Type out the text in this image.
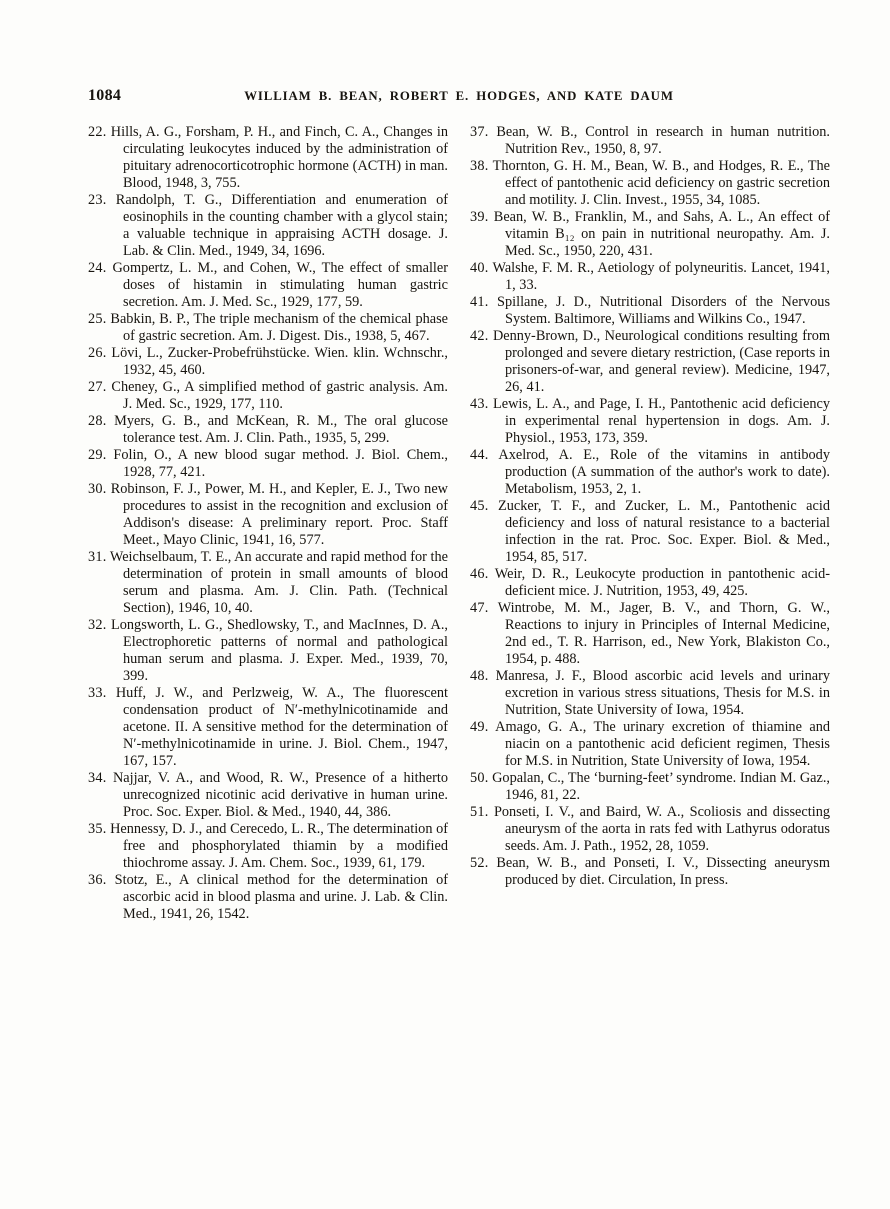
1084	WILLIAM B. BEAN, ROBERT E. HODGES, AND KATE DAUM
22. Hills, A. G., Forsham, P. H., and Finch, C. A., Changes in circulating leukocytes induced by the administration of pituitary adrenocorticotrophic hormone (ACTH) in man. Blood, 1948, 3, 755.
23. Randolph, T. G., Differentiation and enumeration of eosinophils in the counting chamber with a glycol stain; a valuable technique in appraising ACTH dosage. J. Lab. & Clin. Med., 1949, 34, 1696.
24. Gompertz, L. M., and Cohen, W., The effect of smaller doses of histamin in stimulating human gastric secretion. Am. J. Med. Sc., 1929, 177, 59.
25. Babkin, B. P., The triple mechanism of the chemical phase of gastric secretion. Am. J. Digest. Dis., 1938, 5, 467.
26. Lövi, L., Zucker-Probefrühstücke. Wien. klin. Wchnschr., 1932, 45, 460.
27. Cheney, G., A simplified method of gastric analysis. Am. J. Med. Sc., 1929, 177, 110.
28. Myers, G. B., and McKean, R. M., The oral glucose tolerance test. Am. J. Clin. Path., 1935, 5, 299.
29. Folin, O., A new blood sugar method. J. Biol. Chem., 1928, 77, 421.
30. Robinson, F. J., Power, M. H., and Kepler, E. J., Two new procedures to assist in the recognition and exclusion of Addison's disease: A preliminary report. Proc. Staff Meet., Mayo Clinic, 1941, 16, 577.
31. Weichselbaum, T. E., An accurate and rapid method for the determination of protein in small amounts of blood serum and plasma. Am. J. Clin. Path. (Technical Section), 1946, 10, 40.
32. Longsworth, L. G., Shedlowsky, T., and MacInnes, D. A., Electrophoretic patterns of normal and pathological human serum and plasma. J. Exper. Med., 1939, 70, 399.
33. Huff, J. W., and Perlzweig, W. A., The fluorescent condensation product of N′-methylnicotinamide and acetone. II. A sensitive method for the determination of N′-methylnicotinamide in urine. J. Biol. Chem., 1947, 167, 157.
34. Najjar, V. A., and Wood, R. W., Presence of a hitherto unrecognized nicotinic acid derivative in human urine. Proc. Soc. Exper. Biol. & Med., 1940, 44, 386.
35. Hennessy, D. J., and Cerecedo, L. R., The determination of free and phosphorylated thiamin by a modified thiochrome assay. J. Am. Chem. Soc., 1939, 61, 179.
36. Stotz, E., A clinical method for the determination of ascorbic acid in blood plasma and urine. J. Lab. & Clin. Med., 1941, 26, 1542.
37. Bean, W. B., Control in research in human nutrition. Nutrition Rev., 1950, 8, 97.
38. Thornton, G. H. M., Bean, W. B., and Hodges, R. E., The effect of pantothenic acid deficiency on gastric secretion and motility. J. Clin. Invest., 1955, 34, 1085.
39. Bean, W. B., Franklin, M., and Sahs, A. L., An effect of vitamin B₁₂ on pain in nutritional neuropathy. Am. J. Med. Sc., 1950, 220, 431.
40. Walshe, F. M. R., Aetiology of polyneuritis. Lancet, 1941, 1, 33.
41. Spillane, J. D., Nutritional Disorders of the Nervous System. Baltimore, Williams and Wilkins Co., 1947.
42. Denny-Brown, D., Neurological conditions resulting from prolonged and severe dietary restriction, (Case reports in prisoners-of-war, and general review). Medicine, 1947, 26, 41.
43. Lewis, L. A., and Page, I. H., Pantothenic acid deficiency in experimental renal hypertension in dogs. Am. J. Physiol., 1953, 173, 359.
44. Axelrod, A. E., Role of the vitamins in antibody production (A summation of the author's work to date). Metabolism, 1953, 2, 1.
45. Zucker, T. F., and Zucker, L. M., Pantothenic acid deficiency and loss of natural resistance to a bacterial infection in the rat. Proc. Soc. Exper. Biol. & Med., 1954, 85, 517.
46. Weir, D. R., Leukocyte production in pantothenic acid-deficient mice. J. Nutrition, 1953, 49, 425.
47. Wintrobe, M. M., Jager, B. V., and Thorn, G. W., Reactions to injury in Principles of Internal Medicine, 2nd ed., T. R. Harrison, ed., New York, Blakiston Co., 1954, p. 488.
48. Manresa, J. F., Blood ascorbic acid levels and urinary excretion in various stress situations, Thesis for M.S. in Nutrition, State University of Iowa, 1954.
49. Amago, G. A., The urinary excretion of thiamine and niacin on a pantothenic acid deficient regimen, Thesis for M.S. in Nutrition, State University of Iowa, 1954.
50. Gopalan, C., The ‘burning-feet’ syndrome. Indian M. Gaz., 1946, 81, 22.
51. Ponseti, I. V., and Baird, W. A., Scoliosis and dissecting aneurysm of the aorta in rats fed with Lathyrus odoratus seeds. Am. J. Path., 1952, 28, 1059.
52. Bean, W. B., and Ponseti, I. V., Dissecting aneurysm produced by diet. Circulation, In press.
